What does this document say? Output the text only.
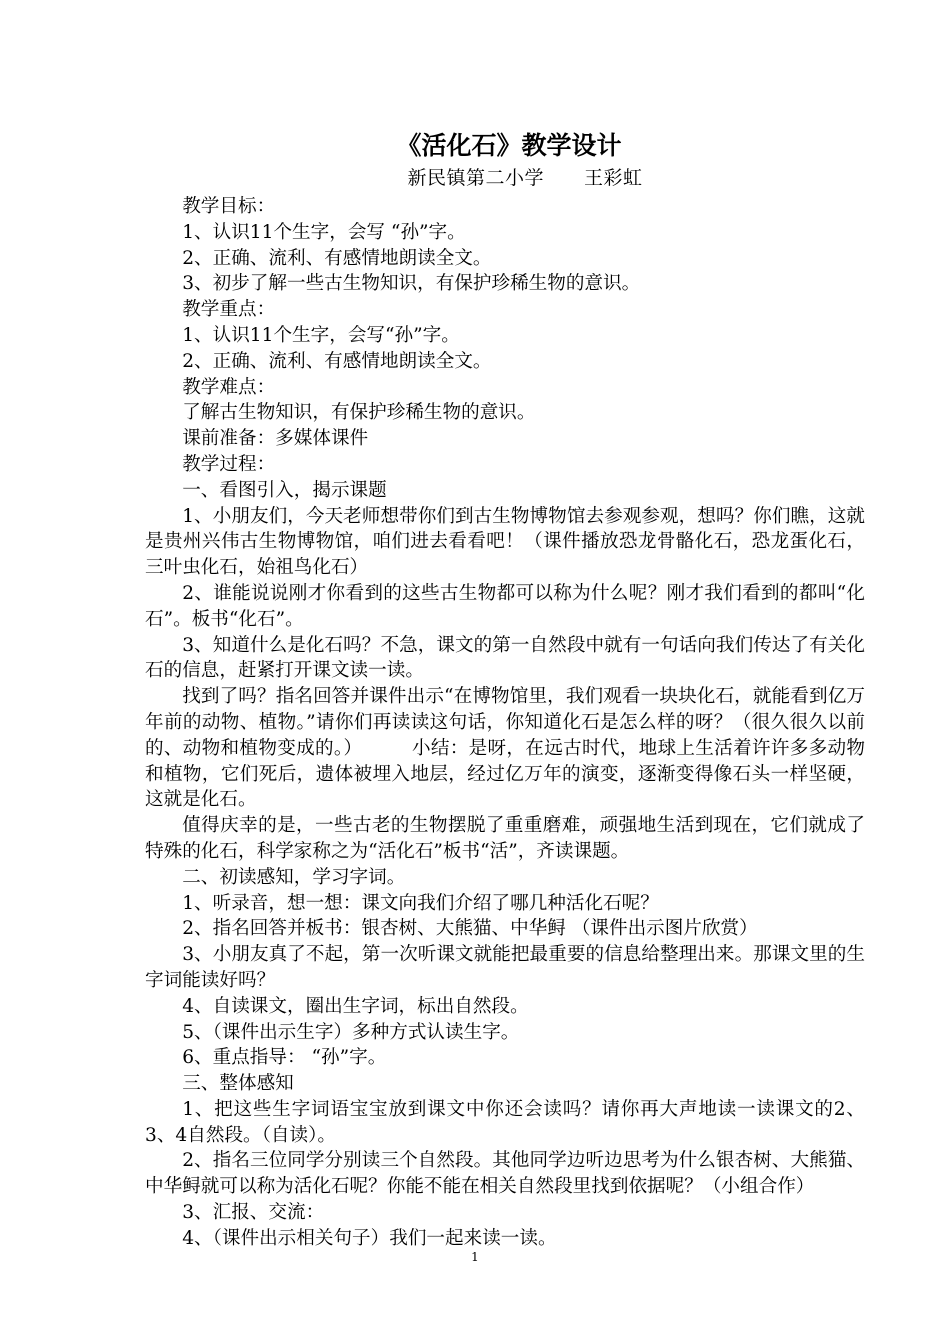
《活化石》教学设计
新民镇第二小学 王彩虹

教学目标：

1、认识11个生字，会写 “孙”字。

2、正确、流利、有感情地朗读全文。

3、初步了解一些古生物知识，有保护珍稀生物的意识。

教学重点：

1、认识11个生字，会写“孙”字。

2、正确、流利、有感情地朗读全文。

教学难点：

了解古生物知识，有保护珍稀生物的意识。

课前准备：多媒体课件

教学过程：

一、看图引入，揭示课题

1、小朋友们，今天老师想带你们到古生物博物馆去参观参观，想吗？你们瞧，这就是贵州兴伟古生物博物馆，咱们进去看看吧！（课件播放恐龙骨骼化石，恐龙蛋化石，三叶虫化石，始祖鸟化石）

2、谁能说说刚才你看到的这些古生物都可以称为什么呢？刚才我们看到的都叫“化石”。板书“化石”。

3、知道什么是化石吗？不急，课文的第一自然段中就有一句话向我们传达了有关化石的信息，赶紧打开课文读一读。

找到了吗？指名回答并课件出示“在博物馆里，我们观看一块块化石，就能看到亿万年前的动物、植物。”请你们再读读这句话，你知道化石是怎么样的呀？（很久很久以前的、动物和植物变成的。）        小结：是呀，在远古时代，地球上生活着许许多多动物和植物，它们死后，遗体被埋入地层，经过亿万年的演变，逐渐变得像石头一样坚硬，这就是化石。

值得庆幸的是，一些古老的生物摆脱了重重磨难，顽强地生活到现在，它们就成了特殊的化石，科学家称之为“活化石”板书“活”，齐读课题。

二、初读感知，学习字词。

1、听录音，想一想：课文向我们介绍了哪几种活化石呢？

2、指名回答并板书：银杏树、大熊猫、中华鲟 （课件出示图片欣赏）

3、小朋友真了不起，第一次听课文就能把最重要的信息给整理出来。那课文里的生字词能读好吗？

4、自读课文，圈出生字词，标出自然段。

5、（课件出示生字）多种方式认读生字。

6、重点指导： “孙”字。

三、整体感知

1、把这些生字词语宝宝放到课文中你还会读吗？请你再大声地读一读课文的2、3、4自然段。（自读）。

2、指名三位同学分别读三个自然段。其他同学边听边思考为什么银杏树、大熊猫、中华鲟就可以称为活化石呢？你能不能在相关自然段里找到依据呢？（小组合作）

3、汇报、交流：

4、（课件出示相关句子）我们一起来读一读。

1
